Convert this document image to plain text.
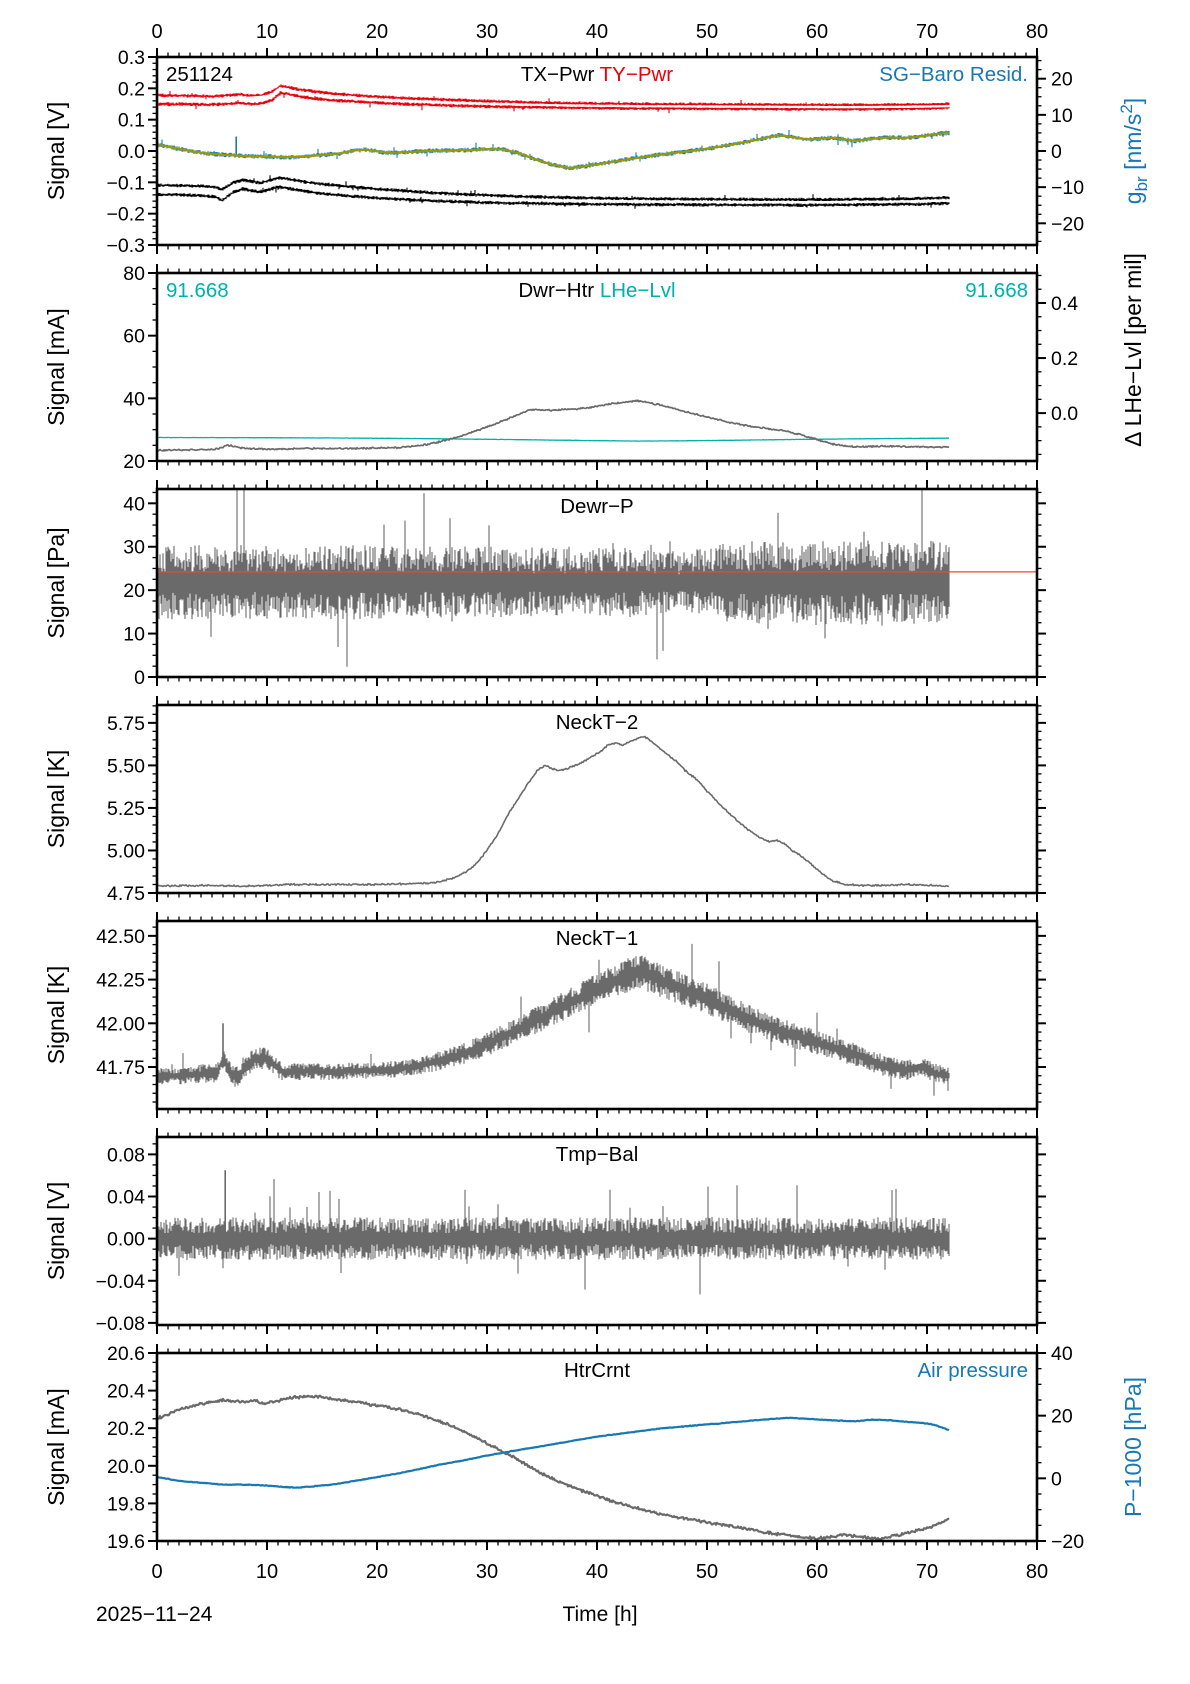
0	10	20	30	40	50	60	70	80
−0.3
−0.2
−0.1
0.0
0.1
0.2
0.3
−20
−10
0
10
20
Signal [V]	$g_{br}$ $[nm/s^2]$
TX−Pwr TY−Pwr
251124	SG−Baro Resid.
20
40
60
80
0.0
0.2
0.4
Signal [mA]	Δ LHe−Lvl [per mil]
Dwr−Htr LHe−Lvl
91.668	91.668
0
10
20
30
40
Signal [Pa]
Dewr−P
4.75
5.00
5.25
5.50
5.75
Signal [K]
NeckT−2
41.75
42.00
42.25
42.50
Signal [K]
NeckT−1
−0.08
−0.04
0.00
0.04
0.08
Signal [V]
Tmp−Bal
0	10	20	30	40	50	60	70	80
19.6
19.8
20.0
20.2
20.4
20.6
−20
0
20
40
Signal [mA]	P−1000 [hPa]
HtrCrnt	Air pressure
2025−11−24	Time [h]
